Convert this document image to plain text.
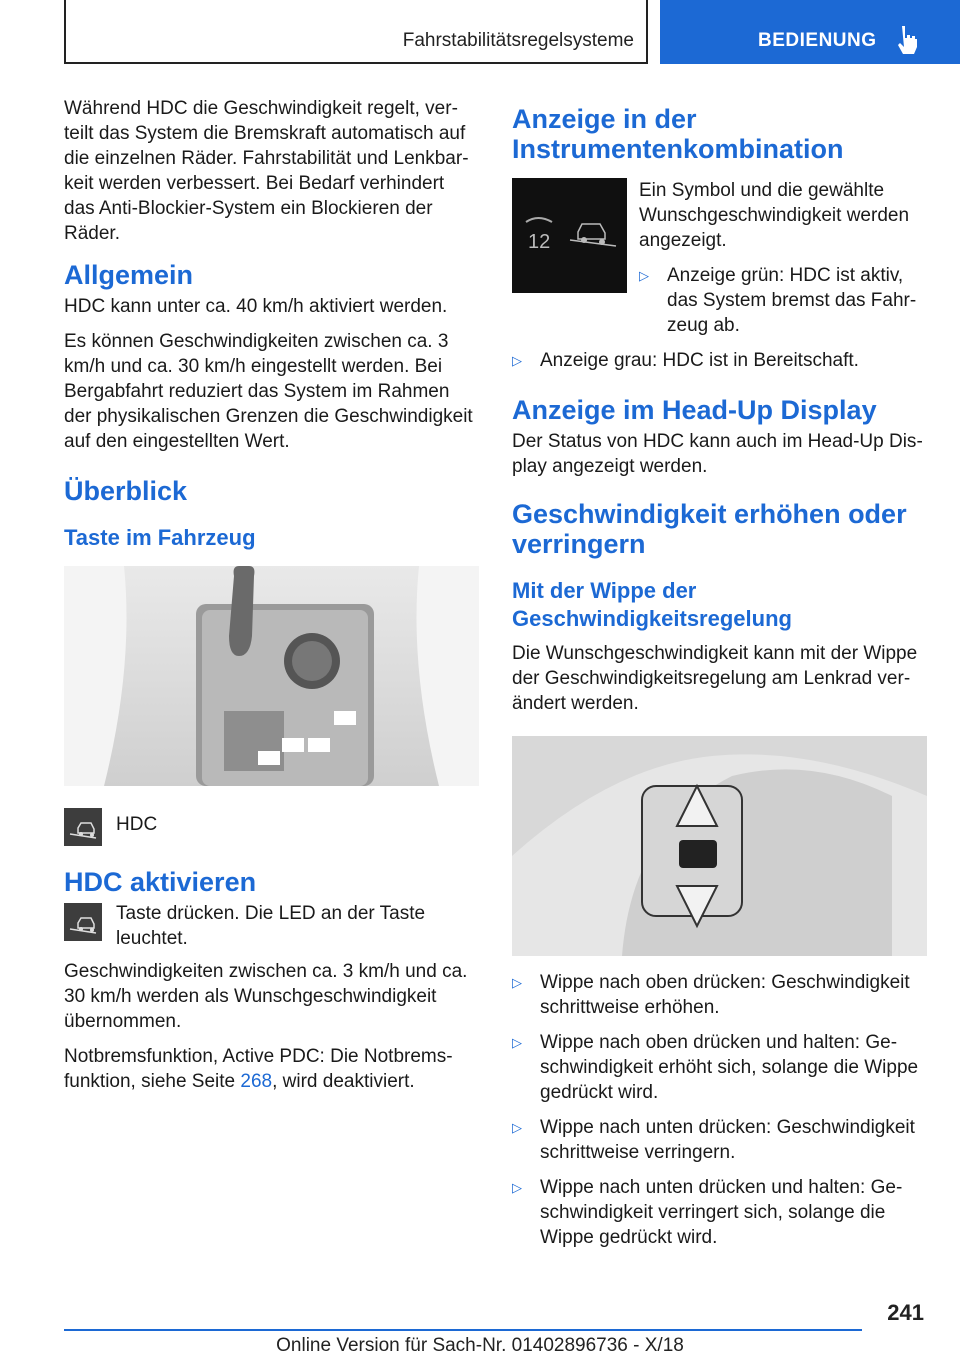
Fahrstabilitätsregelsysteme	BEDIENUNG

Während HDC die Geschwindigkeit regelt, verteilt das System die Bremskraft automatisch auf die einzelnen Räder. Fahrstabilität und Lenkbarkeit werden verbessert. Bei Bedarf verhindert das Anti-Blockier-System ein Blockieren der Räder.

Allgemein

HDC kann unter ca. 40 km/h aktiviert werden.

Es können Geschwindigkeiten zwischen ca. 3 km/h und ca. 30 km/h eingestellt werden. Bei Bergabfahrt reduziert das System im Rahmen der physikalischen Grenzen die Geschwindigkeit auf den eingestellten Wert.

Überblick
Taste im Fahrzeug

HDC

HDC aktivieren

Taste drücken. Die LED an der Taste leuchtet.

Geschwindigkeiten zwischen ca. 3 km/h und ca. 30 km/h werden als Wunschgeschwindigkeit übernommen.

Notbremsfunktion, Active PDC: Die Notbremsfunktion, siehe Seite 268, wird deaktiviert.

Anzeige in der Instrumentenkombination
12

Ein Symbol und die gewählte Wunschgeschwindigkeit werden angezeigt.

▷ Anzeige grün: HDC ist aktiv, das System bremst das Fahrzeug ab.
▷ Anzeige grau: HDC ist in Bereitschaft.
Anzeige im Head-Up Display

Der Status von HDC kann auch im Head-Up Display angezeigt werden.

Geschwindigkeit erhöhen oder verringern
Mit der Wippe der Geschwindigkeitsregelung

Die Wunschgeschwindigkeit kann mit der Wippe der Geschwindigkeitsregelung am Lenkrad verändert werden.

▷ Wippe nach oben drücken: Geschwindigkeit schrittweise erhöhen.
▷ Wippe nach oben drücken und halten: Geschwindigkeit erhöht sich, solange die Wippe gedrückt wird.
▷ Wippe nach unten drücken: Geschwindigkeit schrittweise verringern.
▷ Wippe nach unten drücken und halten: Geschwindigkeit verringert sich, solange die Wippe gedrückt wird.
241
Online Version für Sach-Nr. 01402896736 - X/18
